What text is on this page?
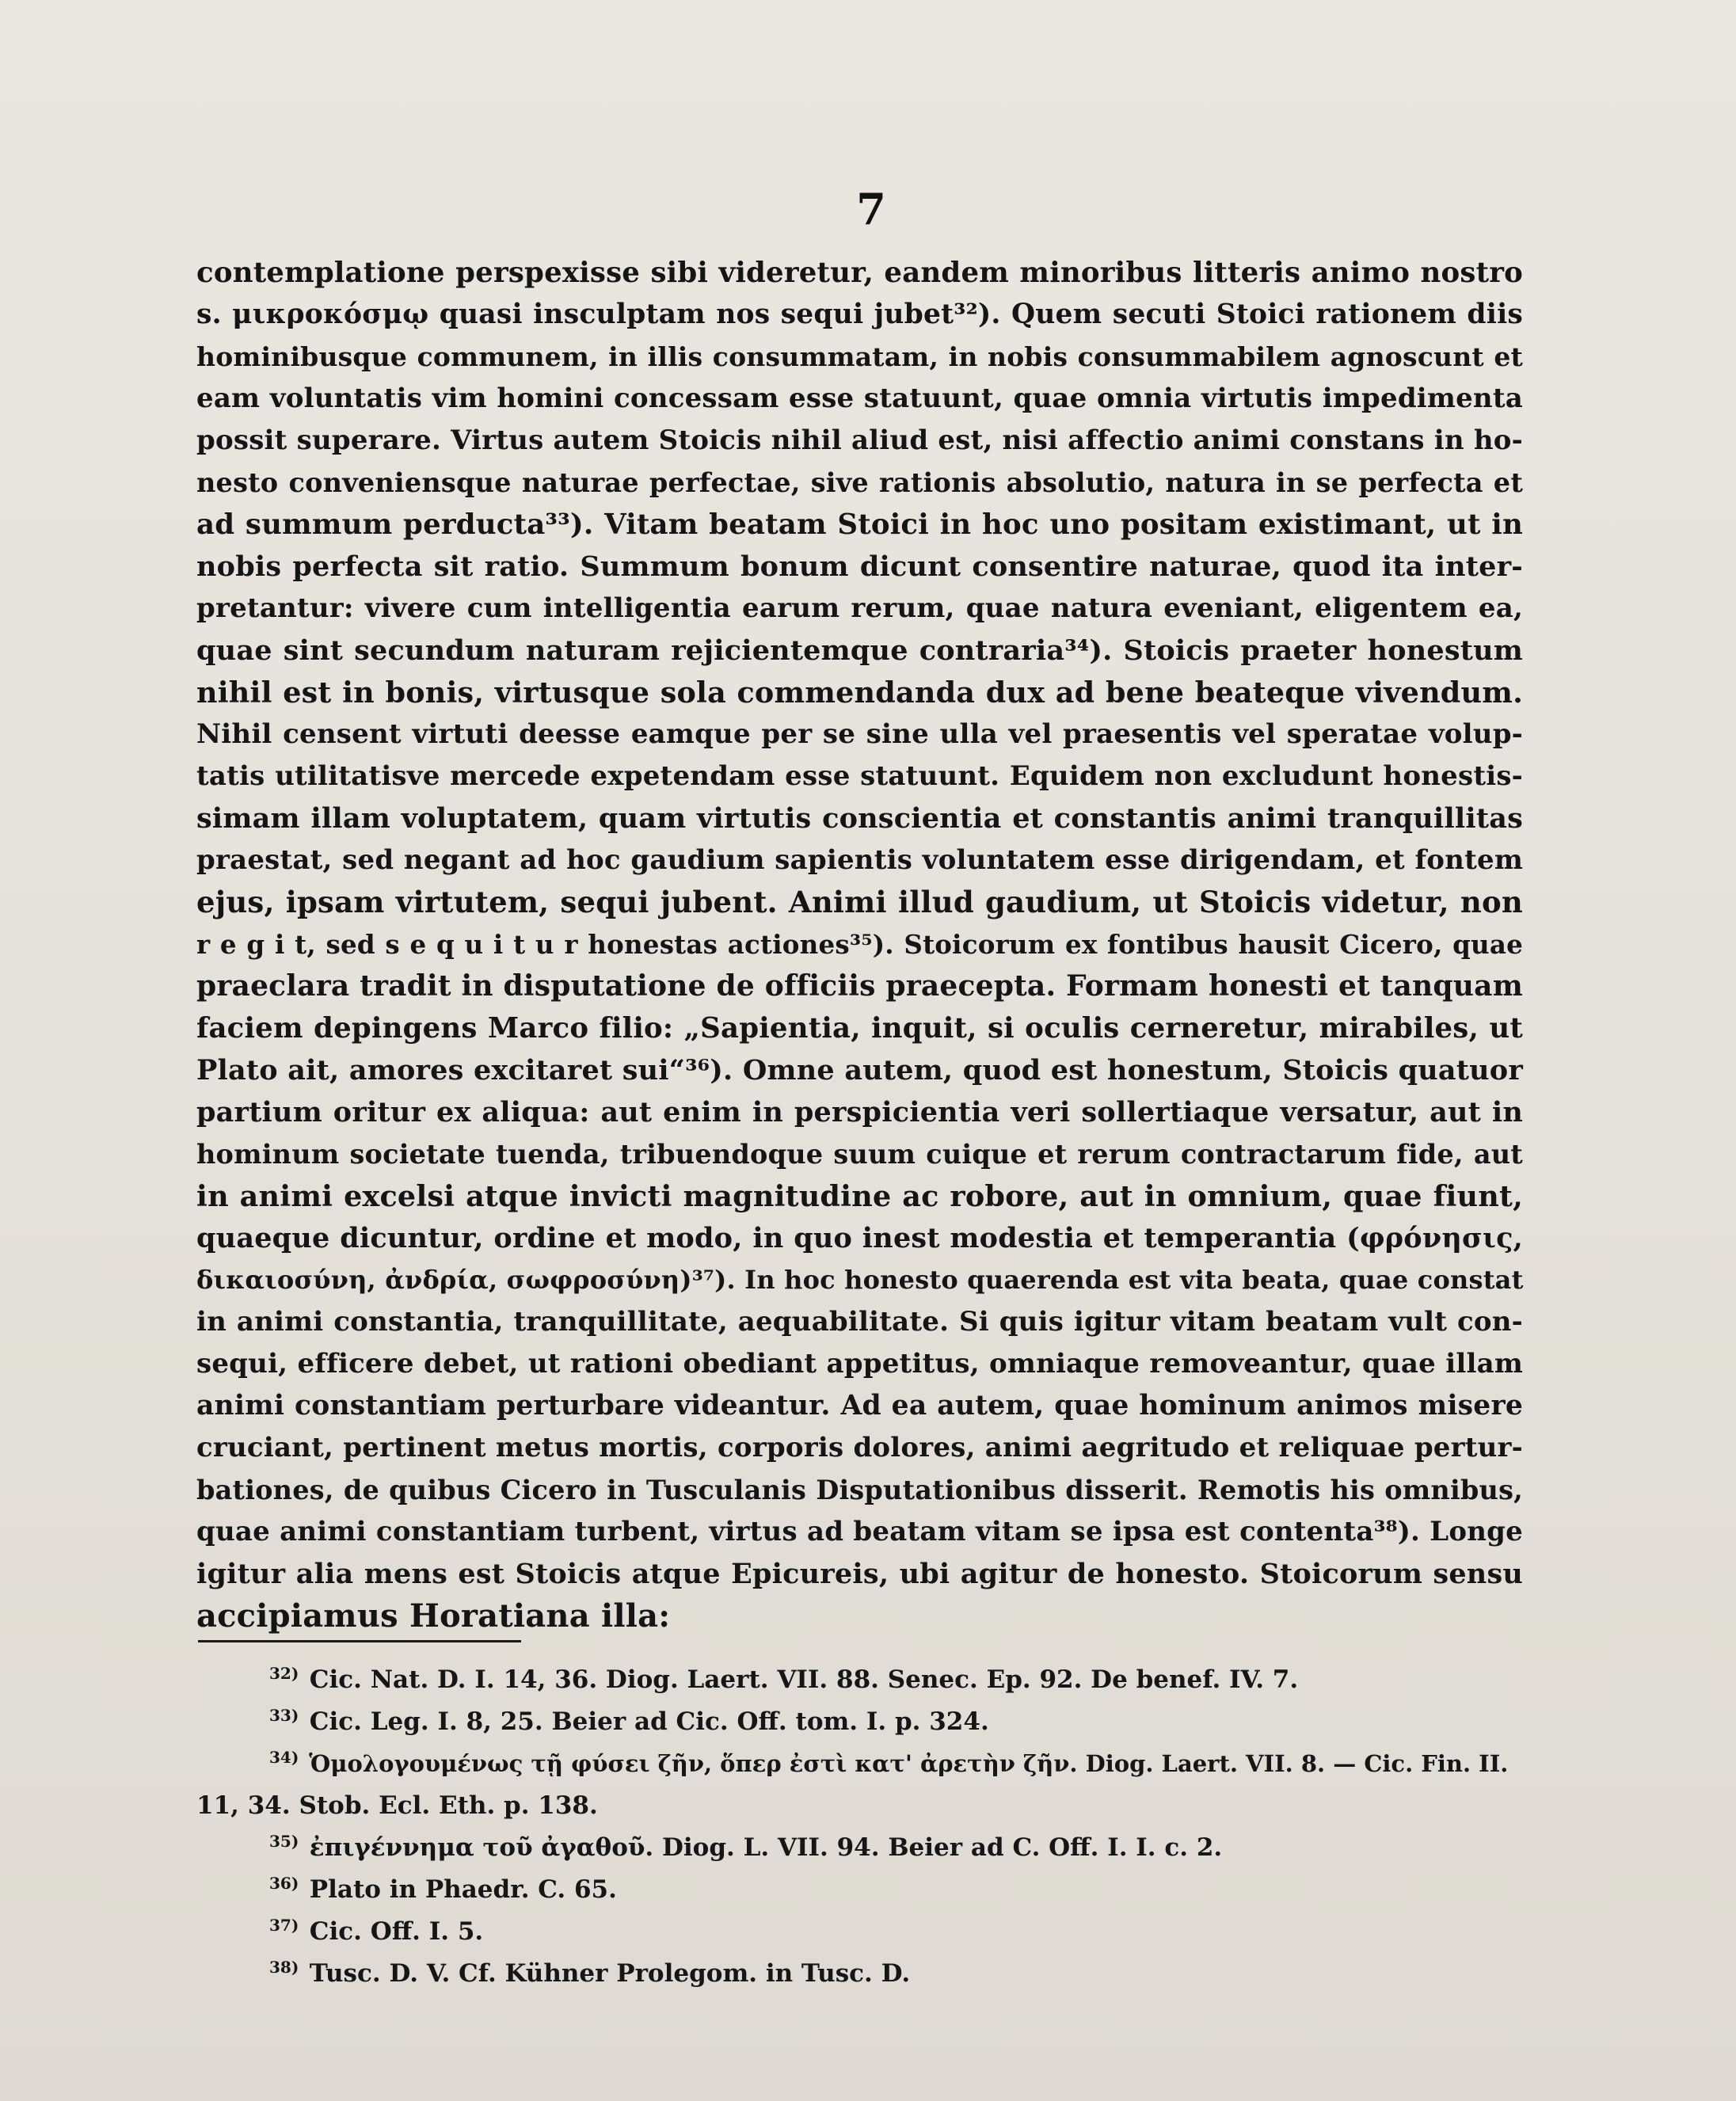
7
contemplatione perspexisse sibi videretur, eandem minoribus litteris animo nostro
s. μικροκόσμῳ quasi insculptam nos sequi jubet³²). Quem secuti Stoici rationem diis
hominibusque communem, in illis consummatam, in nobis consummabilem agnoscunt et
eam voluntatis vim homini concessam esse statuunt, quae omnia virtutis impedimenta
possit superare. Virtus autem Stoicis nihil aliud est, nisi affectio animi constans in ho-
nesto conveniensque naturae perfectae, sive rationis absolutio, natura in se perfecta et
ad summum perducta³³). Vitam beatam Stoici in hoc uno positam existimant, ut in
nobis perfecta sit ratio. Summum bonum dicunt consentire naturae, quod ita inter-
pretantur: vivere cum intelligentia earum rerum, quae natura eveniant, eligentem ea,
quae sint secundum naturam rejicientemque contraria³⁴). Stoicis praeter honestum
nihil est in bonis, virtusque sola commendanda dux ad bene beateque vivendum.
Nihil censent virtuti deesse eamque per se sine ulla vel praesentis vel speratae volup-
tatis utilitatisve mercede expetendam esse statuunt. Equidem non excludunt honestis-
simam illam voluptatem, quam virtutis conscientia et constantis animi tranquillitas
praestat, sed negant ad hoc gaudium sapientis voluntatem esse dirigendam, et fontem
ejus, ipsam virtutem, sequi jubent. Animi illud gaudium, ut Stoicis videtur, non
r e g i t, sed s e q u i t u r honestas actiones³⁵). Stoicorum ex fontibus hausit Cicero, quae
praeclara tradit in disputatione de officiis praecepta. Formam honesti et tanquam
faciem depingens Marco filio: „Sapientia, inquit, si oculis cerneretur, mirabiles, ut
Plato ait, amores excitaret sui“³⁶). Omne autem, quod est honestum, Stoicis quatuor
partium oritur ex aliqua: aut enim in perspicientia veri sollertiaque versatur, aut in
hominum societate tuenda, tribuendoque suum cuique et rerum contractarum fide, aut
in animi excelsi atque invicti magnitudine ac robore, aut in omnium, quae fiunt,
quaeque dicuntur, ordine et modo, in quo inest modestia et temperantia (φρόνησις,
δικαιοσύνη, ἀνδρία, σωφροσύνη)³⁷). In hoc honesto quaerenda est vita beata, quae constat
in animi constantia, tranquillitate, aequabilitate. Si quis igitur vitam beatam vult con-
sequi, efficere debet, ut rationi obediant appetitus, omniaque removeantur, quae illam
animi constantiam perturbare videantur. Ad ea autem, quae hominum animos misere
cruciant, pertinent metus mortis, corporis dolores, animi aegritudo et reliquae pertur-
bationes, de quibus Cicero in Tusculanis Disputationibus disserit. Remotis his omnibus,
quae animi constantiam turbent, virtus ad beatam vitam se ipsa est contenta³⁸). Longe
igitur alia mens est Stoicis atque Epicureis, ubi agitur de honesto. Stoicorum sensu
accipiamus Horatiana illa:
32) Cic. Nat. D. I. 14, 36. Diog. Laert. VII. 88. Senec. Ep. 92. De benef. IV. 7.
33) Cic. Leg. I. 8, 25. Beier ad Cic. Off. tom. I. p. 324.
34) Ὁμολογουμένως τῇ φύσει ζῆν, ὅπερ ἐστὶ κατ' ἀρετὴν ζῆν. Diog. Laert. VII. 8. — Cic. Fin. II.
11, 34. Stob. Ecl. Eth. p. 138.
35) ἐπιγέννημα τοῦ ἀγαθοῦ. Diog. L. VII. 94. Beier ad C. Off. I. I. c. 2.
36) Plato in Phaedr. C. 65.
37) Cic. Off. I. 5.
38) Tusc. D. V. Cf. Kühner Prolegom. in Tusc. D.
